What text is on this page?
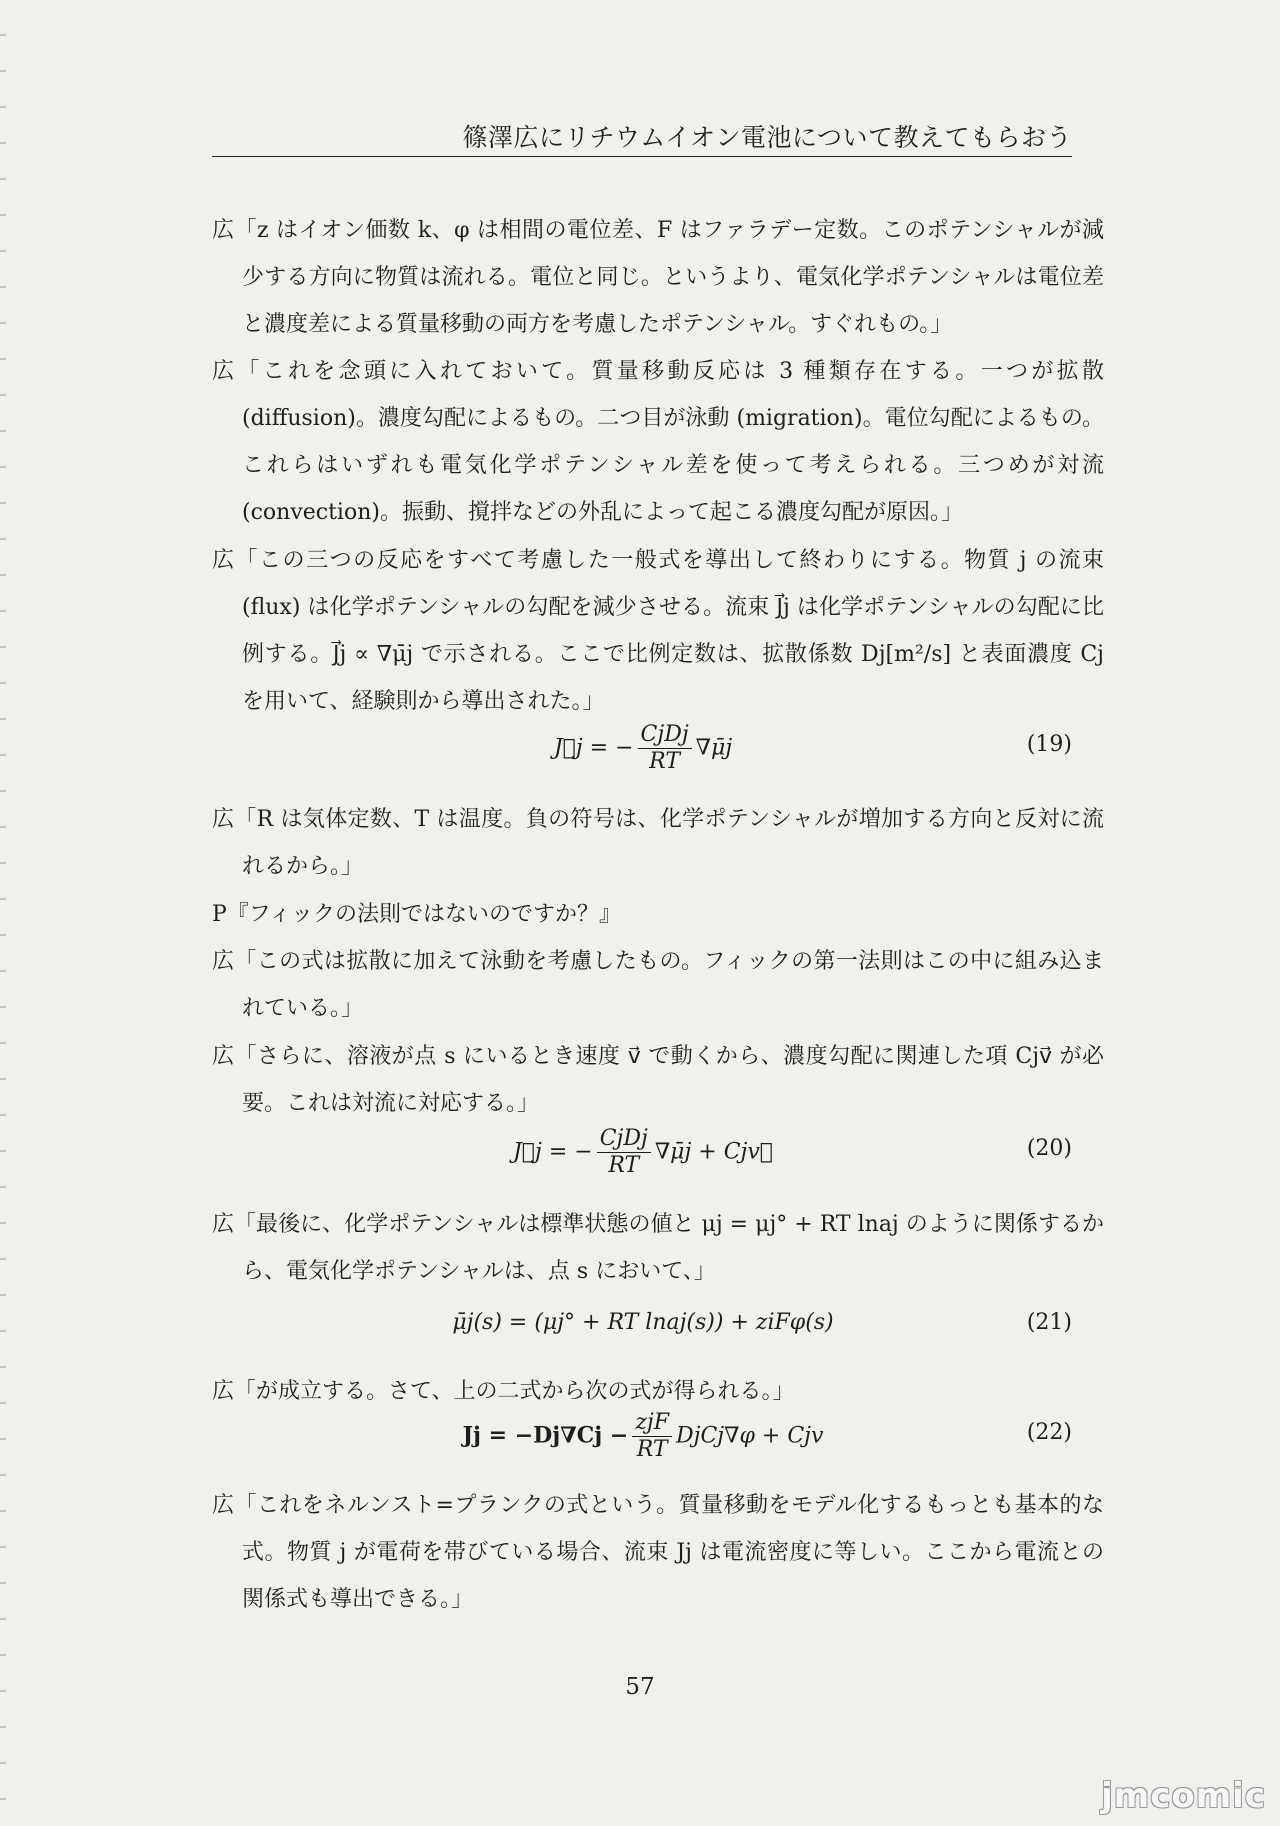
篠澤広にリチウムイオン電池について教えてもらおう

広「z はイオン価数 k、φ は相間の電位差、F はファラデー定数。このポテンシャルが減少する方向に物質は流れる。電位と同じ。というより、電気化学ポテンシャルは電位差と濃度差による質量移動の両方を考慮したポテンシャル。すぐれもの。」

広「これを念頭に入れておいて。質量移動反応は 3 種類存在する。一つが拡散 (diffusion)。濃度勾配によるもの。二つ目が泳動 (migration)。電位勾配によるもの。これらはいずれも電気化学ポテンシャル差を使って考えられる。三つめが対流 (convection)。振動、撹拌などの外乱によって起こる濃度勾配が原因。」

広「この三つの反応をすべて考慮した一般式を導出して終わりにする。物質 j の流束 (flux) は化学ポテンシャルの勾配を減少させる。流束 J⃗j は化学ポテンシャルの勾配に比例する。J⃗j ∝ ∇μ̄j で示される。ここで比例定数は、拡散係数 Dj[m²/s] と表面濃度 Cj を用いて、経験則から導出された。」

J⃗j = − $\frac{\text{CjDj}}{RT}$ ∇μ̄j	(19)

広「R は気体定数、T は温度。負の符号は、化学ポテンシャルが増加する方向と反対に流れるから。」

P『フィックの法則ではないのですか？』

広「この式は拡散に加えて泳動を考慮したもの。フィックの第一法則はこの中に組み込まれている。」

広「さらに、溶液が点 s にいるとき速度 v⃗ で動くから、濃度勾配に関連した項 Cjv⃗ が必要。これは対流に対応する。」

J⃗j = − $\frac{\text{CjDj}}{RT}$ ∇μ̄j + Cjv⃗	(20)

広「最後に、化学ポテンシャルは標準状態の値と μj = μj° + RT lnaj のように関係するから、電気化学ポテンシャルは、点 s において、」

μ̄j(s) = (μj° + RT lnaj(s)) + ziFφ(s)	(21)

広「が成立する。さて、上の二式から次の式が得られる。」

$Jj = -Dj\nabla Cj - \frac{\text{zjF}}{RT}$ DjCj∇φ + Cjv	(22)

広「これをネルンスト=プランクの式という。質量移動をモデル化するもっとも基本的な式。物質 j が電荷を帯びている場合、流束 Jj は電流密度に等しい。ここから電流との関係式も導出できる。」

57
jmcomic
